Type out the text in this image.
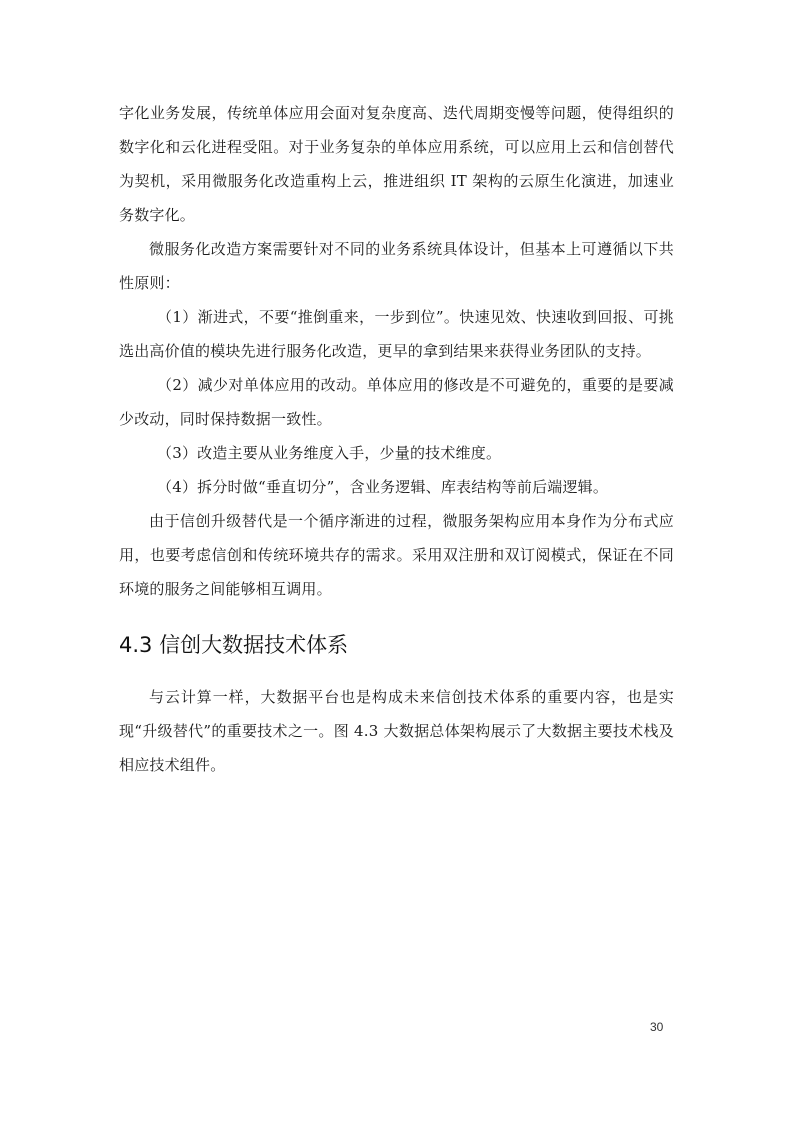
字化业务发展，传统单体应用会面对复杂度高、迭代周期变慢等问题，使得组织的数字化和云化进程受阻。对于业务复杂的单体应用系统，可以应用上云和信创替代为契机，采用微服务化改造重构上云，推进组织 IT 架构的云原生化演进，加速业务数字化。

微服务化改造方案需要针对不同的业务系统具体设计，但基本上可遵循以下共性原则：

（1）渐进式，不要“推倒重来，一步到位”。快速见效、快速收到回报、可挑选出高价值的模块先进行服务化改造，更早的拿到结果来获得业务团队的支持。

（2）减少对单体应用的改动。单体应用的修改是不可避免的，重要的是要减少改动，同时保持数据一致性。

（3）改造主要从业务维度入手，少量的技术维度。

（4）拆分时做“垂直切分”，含业务逻辑、库表结构等前后端逻辑。

由于信创升级替代是一个循序渐进的过程，微服务架构应用本身作为分布式应用，也要考虑信创和传统环境共存的需求。采用双注册和双订阅模式，保证在不同环境的服务之间能够相互调用。

4.3 信创大数据技术体系

与云计算一样，大数据平台也是构成未来信创技术体系的重要内容，也是实现“升级替代”的重要技术之一。图 4.3 大数据总体架构展示了大数据主要技术栈及相应技术组件。

30
